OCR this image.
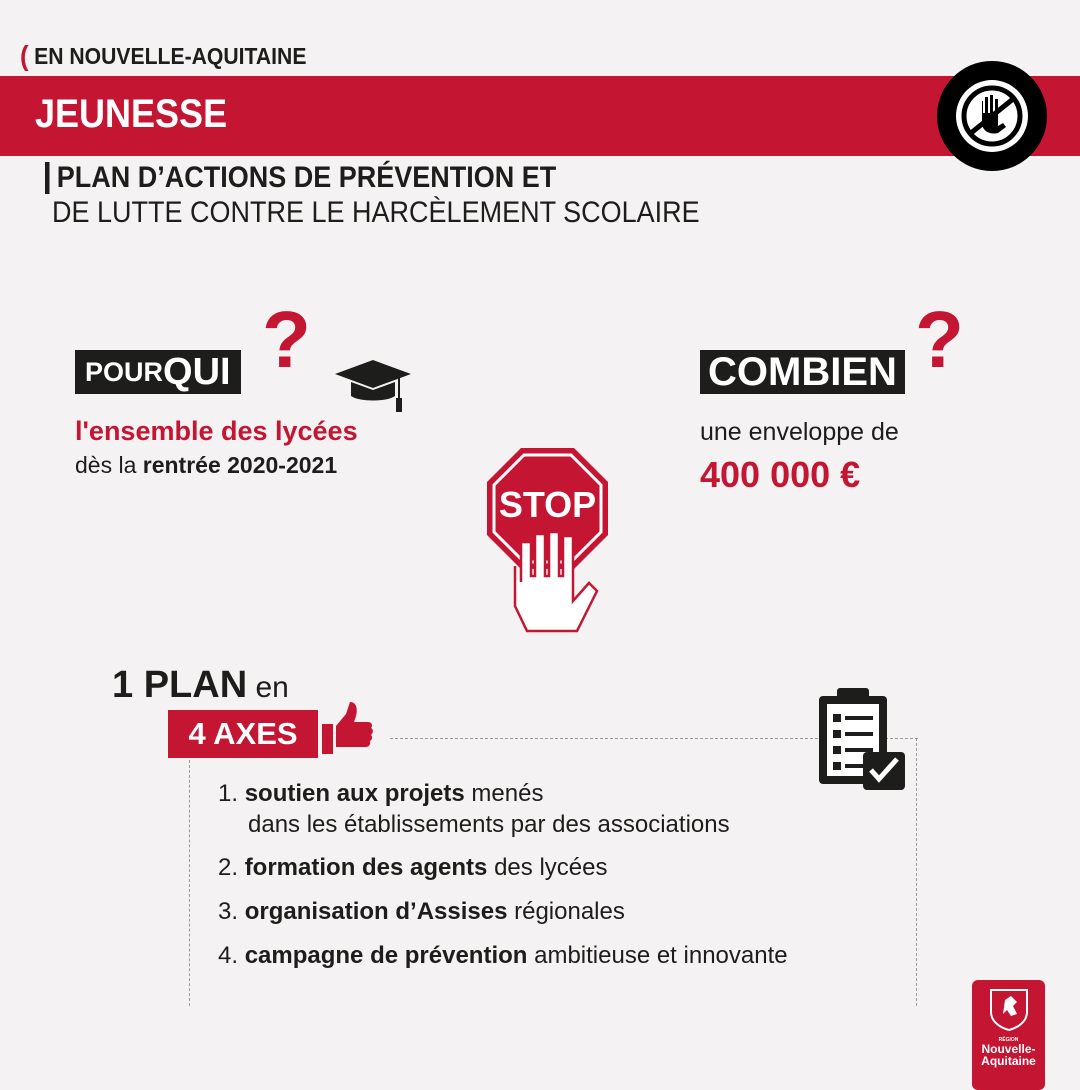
( EN NOUVELLE-AQUITAINE
JEUNESSE
PLAN D’ACTIONS DE PRÉVENTION ET
DE LUTTE CONTRE LE HARCÈLEMENT SCOLAIRE
POUR QUI ?
l'ensemble des lycées
dès la rentrée 2020-2021
COMBIEN ?
une enveloppe de
400 000 €
STOP
1 PLAN en
4 AXES
1. soutien aux projets menés
dans les établissements par des associations
2. formation des agents des lycées
3. organisation d’Assises régionales
4. campagne de prévention ambitieuse et innovante
RÉGION
Nouvelle-
Aquitaine
